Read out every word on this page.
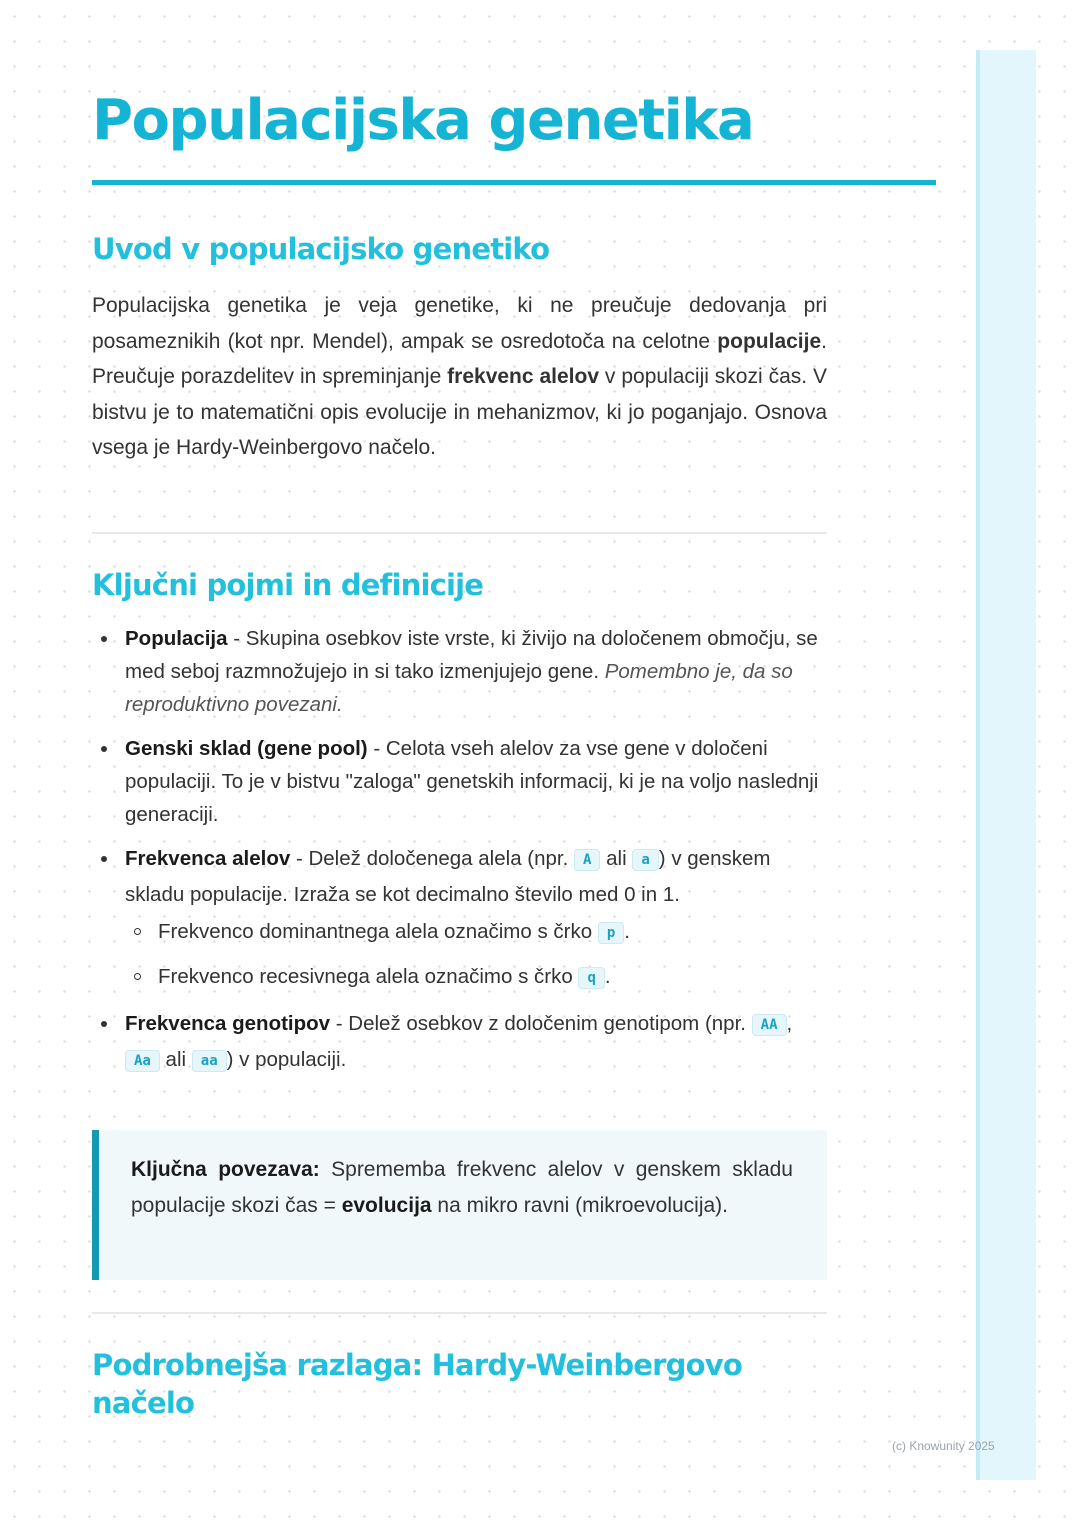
Populacijska genetika
Uvod v populacijsko genetiko

Populacijska genetika je veja genetike, ki ne preučuje dedovanja pri posameznikih (kot npr. Mendel), ampak se osredotoča na celotne populacije. Preučuje porazdelitev in spreminjanje frekvenc alelov v populaciji skozi čas. V bistvu je to matematični opis evolucije in mehanizmov, ki jo poganjajo. Osnova vsega je Hardy-Weinbergovo načelo.

Ključni pojmi in definicije
Populacija - Skupina osebkov iste vrste, ki živijo na določenem območju, se med seboj razmnožujejo in si tako izmenjujejo gene. Pomembno je, da so reproduktivno povezani.
Genski sklad (gene pool) - Celota vseh alelov za vse gene v določeni populaciji. To je v bistvu "zaloga" genetskih informacij, ki je na voljo naslednji generaciji.
Frekvenca alelov - Delež določenega alela (npr. A ali a ) v genskem skladu populacije. Izraža se kot decimalno število med 0 in 1.
Frekvenco dominantnega alela označimo s črko p .
Frekvenco recesivnega alela označimo s črko q .
Frekvenca genotipov - Delež osebkov z določenim genotipom (npr. AA , Aa ali aa ) v populaciji.

Ključna povezava: Sprememba frekvenc alelov v genskem skladu populacije skozi čas = evolucija na mikro ravni (mikroevolucija).

Podrobnejša razlaga: Hardy-Weinbergovo načelo
(c) Knowunity 2025
